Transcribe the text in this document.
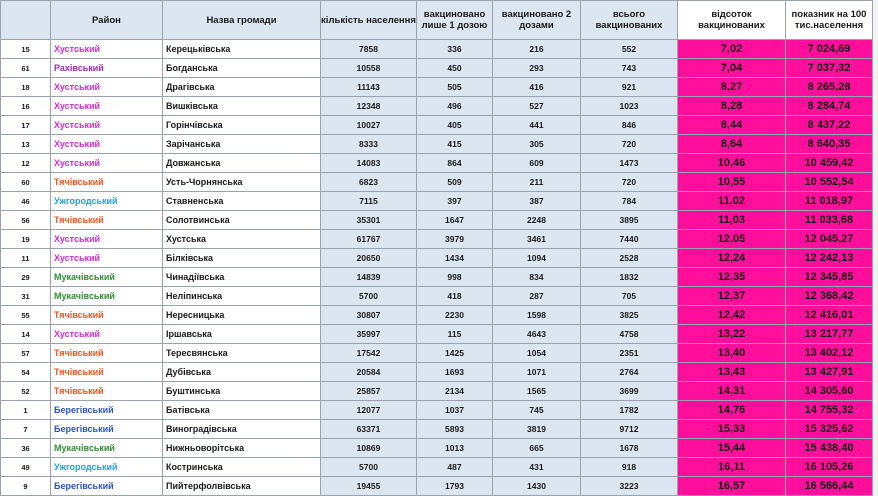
	Район	Назва громади	кількість населення	вакциновано лише 1 дозою	вакциновано 2 дозами	всього вакцинованих	відсоток вакцинованих	показник на 100 тис.населення
15	Хустський	Керецьківська	7858	336	216	552	7,02	7 024,69
61	Рахівський	Богданська	10558	450	293	743	7,04	7 037,32
18	Хустський	Драгівська	11143	505	416	921	8,27	8 265,28
16	Хустський	Вишківська	12348	496	527	1023	8,28	8 284,74
17	Хустський	Горінчівська	10027	405	441	846	8,44	8 437,22
13	Хустський	Зарічанська	8333	415	305	720	8,64	8 640,35
12	Хустський	Довжанська	14083	864	609	1473	10,46	10 459,42
60	Тячівський	Усть-Чорнянська	6823	509	211	720	10,55	10 552,54
46	Ужгородський	Ставненська	7115	397	387	784	11,02	11 018,97
56	Тячівський	Солотвинська	35301	1647	2248	3895	11,03	11 033,68
19	Хустський	Хустська	61767	3979	3461	7440	12,05	12 045,27
11	Хустський	Білківська	20650	1434	1094	2528	12,24	12 242,13
29	Мукачівський	Чинадіївська	14839	998	834	1832	12,35	12 345,85
31	Мукачівський	Неліпинська	5700	418	287	705	12,37	12 368,42
55	Тячівський	Нересницька	30807	2230	1598	3825	12,42	12 416,01
14	Хустський	Іршавська	35997	115	4643	4758	13,22	13 217,77
57	Тячівський	Тересвянська	17542	1425	1054	2351	13,40	13 402,12
54	Тячівський	Дубівська	20584	1693	1071	2764	13,43	13 427,91
52	Тячівський	Буштинська	25857	2134	1565	3699	14,31	14 305,60
1	Берегівський	Батівська	12077	1037	745	1782	14,76	14 755,32
7	Берегівський	Виноградівська	63371	5893	3819	9712	15,33	15 325,62
36	Мукачівський	Нижньоворітська	10869	1013	665	1678	15,44	15 438,40
49	Ужгородський	Костринська	5700	487	431	918	16,11	16 105,26
9	Берегівський	Пийтерфолвівська	19455	1793	1430	3223	16,57	16 566,44
